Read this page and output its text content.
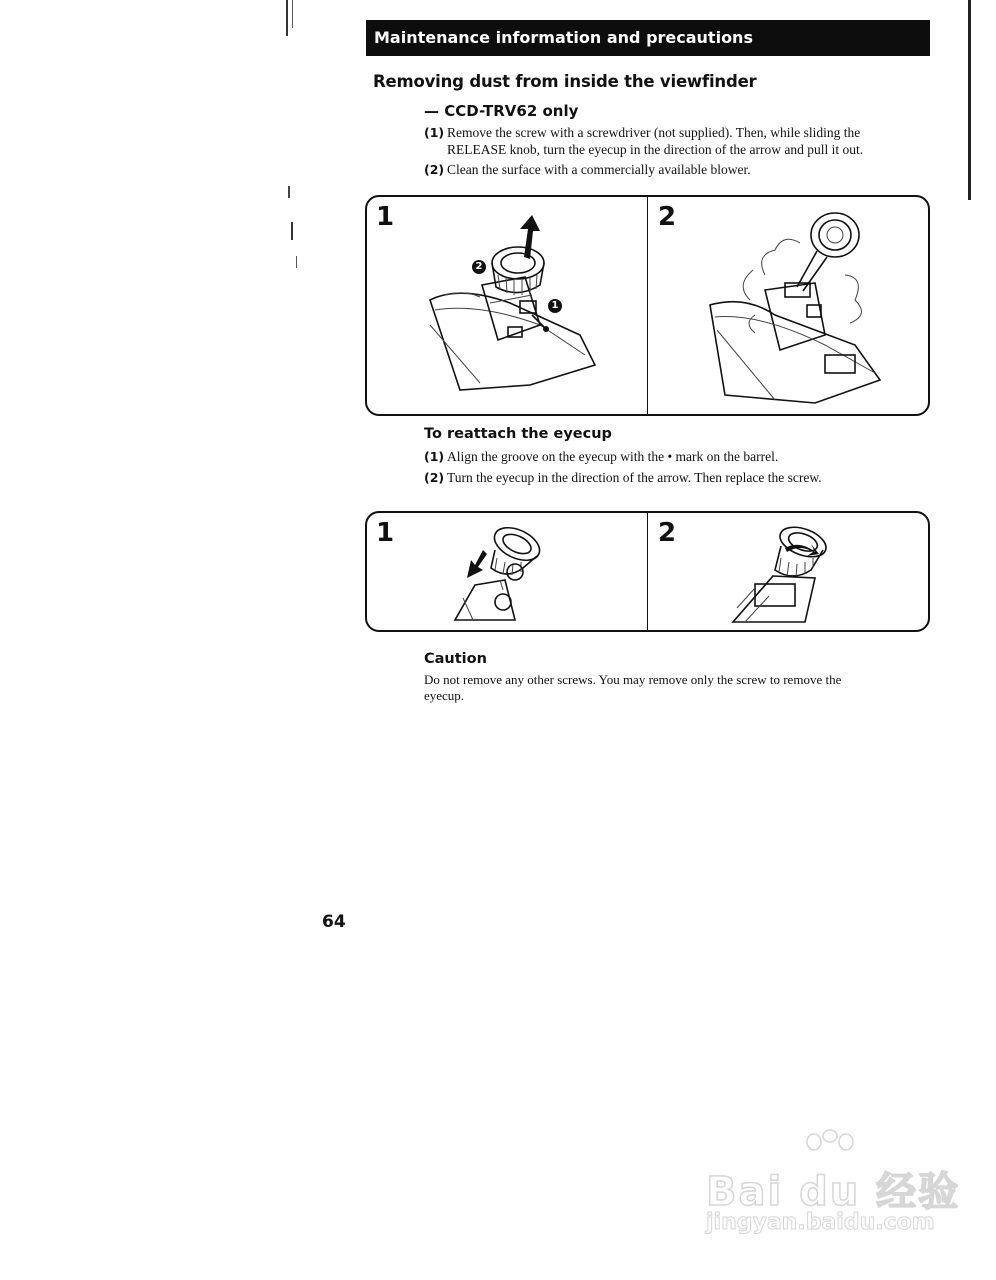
Maintenance information and precautions
Removing dust from inside the viewfinder
— CCD-TRV62 only
(1) Remove the screw with a screwdriver (not supplied). Then, while sliding the
RELEASE knob, turn the eyecup in the direction of the arrow and pull it out.
(2) Clean the surface with a commercially available blower.
1	2
2
1
To reattach the eyecup
(1) Align the groove on the eyecup with the • mark on the barrel.
(2) Turn the eyecup in the direction of the arrow. Then replace the screw.
1	2
Caution
Do not remove any other screws. You may remove only the screw to remove the
eyecup.
64
Bai du 经验
jingyan.baidu.com
